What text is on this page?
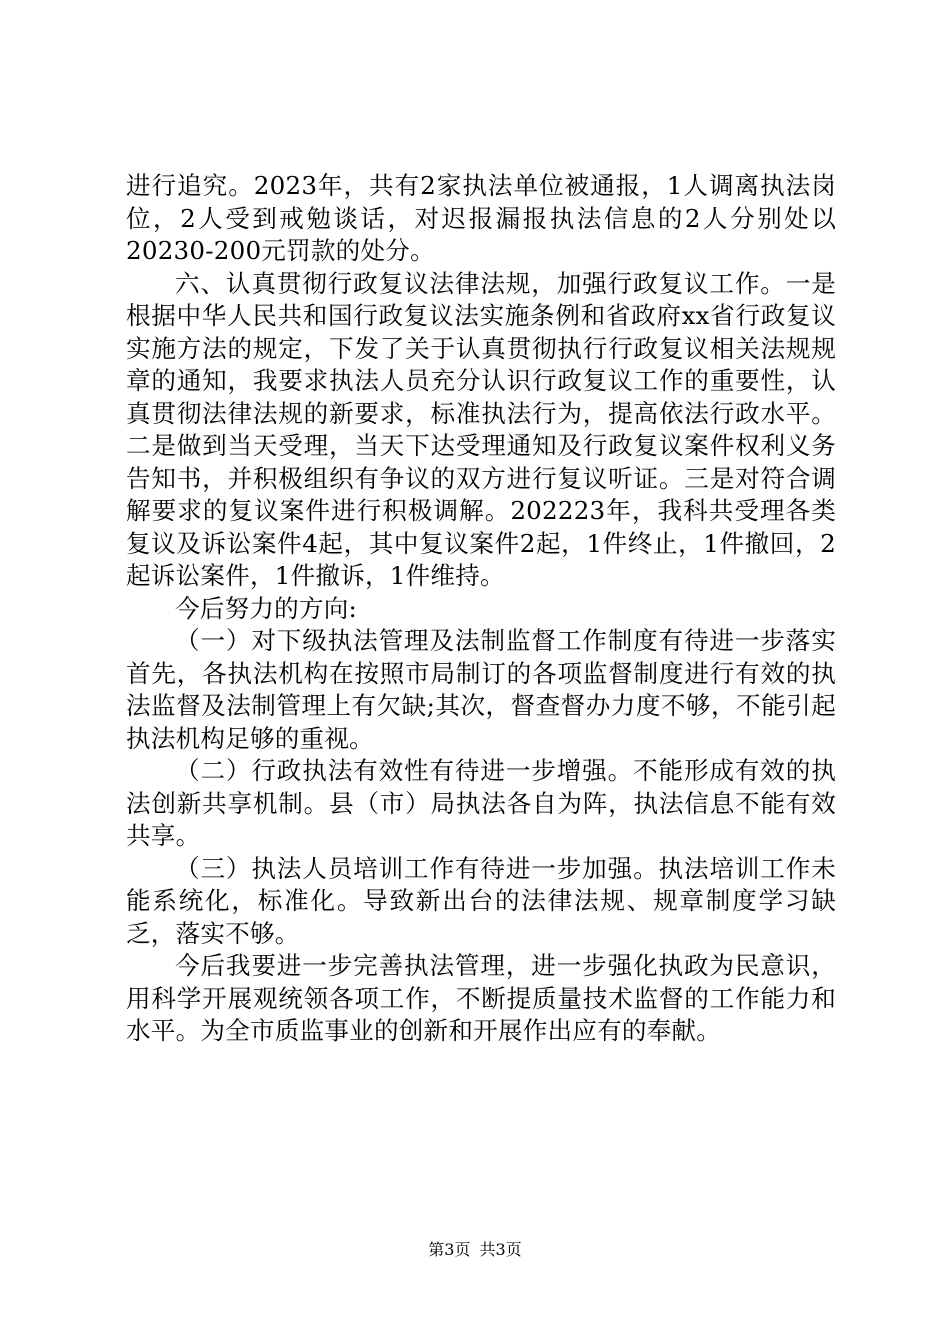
进行追究。2023年，共有2家执法单位被通报，1人调离执法岗位，2人受到戒勉谈话，对迟报漏报执法信息的2人分别处以20230-200元罚款的处分。

六、认真贯彻行政复议法律法规，加强行政复议工作。一是根据中华人民共和国行政复议法实施条例和省政府xx省行政复议实施方法的规定，下发了关于认真贯彻执行行政复议相关法规规章的通知，我要求执法人员充分认识行政复议工作的重要性，认真贯彻法律法规的新要求，标准执法行为，提高依法行政水平。二是做到当天受理，当天下达受理通知及行政复议案件权利义务告知书，并积极组织有争议的双方进行复议听证。三是对符合调解要求的复议案件进行积极调解。202223年，我科共受理各类复议及诉讼案件4起，其中复议案件2起，1件终止，1件撤回，2起诉讼案件，1件撤诉，1件维持。

今后努力的方向:

（一）对下级执法管理及法制监督工作制度有待进一步落实首先，各执法机构在按照市局制订的各项监督制度进行有效的执法监督及法制管理上有欠缺;其次，督查督办力度不够，不能引起执法机构足够的重视。

（二）行政执法有效性有待进一步增强。不能形成有效的执法创新共享机制。县（市）局执法各自为阵，执法信息不能有效共享。

（三）执法人员培训工作有待进一步加强。执法培训工作未能系统化，标准化。导致新出台的法律法规、规章制度学习缺乏，落实不够。

今后我要进一步完善执法管理，进一步强化执政为民意识，用科学开展观统领各项工作，不断提质量技术监督的工作能力和水平。为全市质监事业的创新和开展作出应有的奉献。

第3页 共3页
